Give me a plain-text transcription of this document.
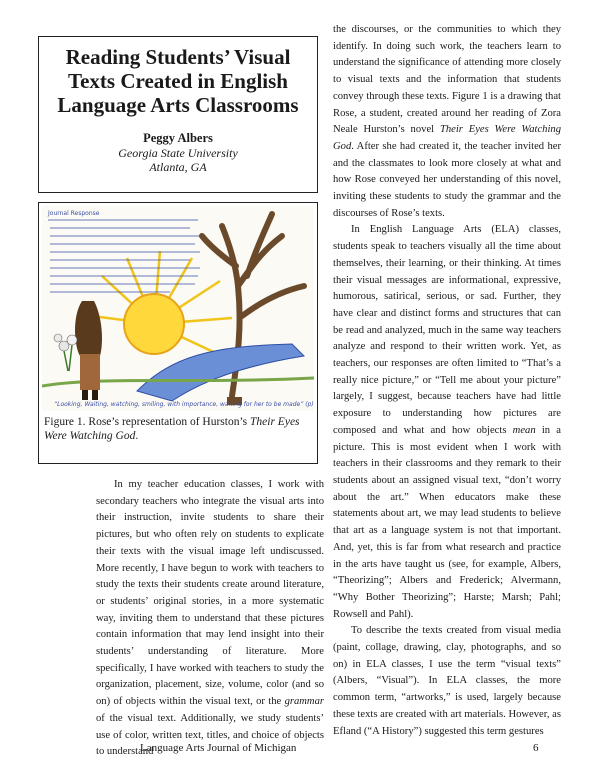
Reading Students’ Visual Texts Created in English Language Arts Classrooms
Peggy Albers
Georgia State University
Atlanta, GA
Journal Response
“Looking, Waiting, watching, smiling, with importance, waiting for her to be made” (p)
Figure 1. Rose’s representation of Hurston’s Their Eyes Were Watching God.

In my teacher education classes, I work with secondary teachers who integrate the visual arts into their instruction, invite students to share their pictures, but who often rely on students to explicate their texts with the visual image left undiscussed. More recently, I have begun to work with teachers to study the texts their students create around literature, or students’ original stories, in a more systematic way, inviting them to understand that these pictures contain information that may lend insight into their students’ understanding of literature. More specifically, I have worked with teachers to study the organization, placement, size, volume, color (and so on) of objects within the visual text, or the grammar of the visual text. Additionally, we study students’ use of color, written text, titles, and choice of objects to understand

the discourses, or the communities to which they identify. In doing such work, the teachers learn to understand the significance of attending more closely to visual texts and the information that students convey through these texts. Figure 1 is a drawing that Rose, a student, created around her reading of Zora Neale Hurston’s novel Their Eyes Were Watching God. After she had created it, the teacher invited her and the classmates to look more closely at what and how Rose conveyed her understanding of this novel, inviting these students to study the grammar and the discourses of Rose’s texts.

In English Language Arts (ELA) classes, students speak to teachers visually all the time about themselves, their learning, or their thinking. At times their visual messages are informational, expressive, humorous, satirical, serious, or sad. Further, they have clear and distinct forms and structures that can be read and analyzed, much in the same way teachers analyze and respond to their written work. Yet, as teachers, our responses are often limited to “That’s a really nice picture,” or “Tell me about your picture” largely, I suggest, because teachers have had little exposure to understanding how pictures are composed and what and how objects mean in a picture. This is most evident when I work with teachers in their classrooms and they remark to their students about an assigned visual text, “don’t worry about the art.” When educators make these statements about art, we may lead students to believe that art as a language system is not that important. And, yet, this is far from what research and practice in the arts have taught us (see, for example, Albers, “Theorizing”; Albers and Frederick; Alvermann, “Why Bother Theorizing”; Harste; Marsh; Pahl; Rowsell and Pahl).

To describe the texts created from visual media (paint, collage, drawing, clay, photographs, and so on) in ELA classes, I use the term “visual texts” (Albers, “Visual”). In ELA classes, the more common term, “artworks,” is used, largely because these texts are created with art materials. However, as Efland (“A History”) suggested this term gestures

Language Arts Journal of Michigan	6
